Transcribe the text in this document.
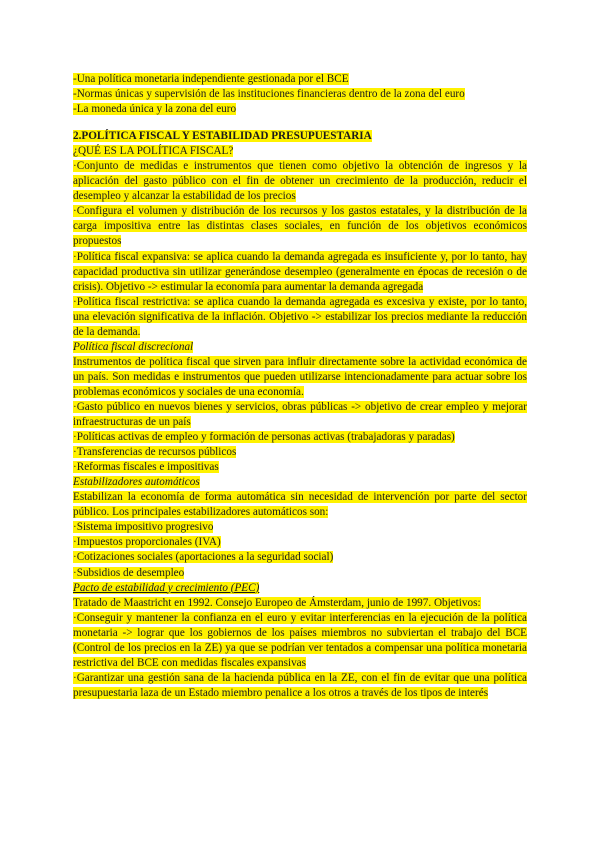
-Una política monetaria independiente gestionada por el BCE
-Normas únicas y supervisión de las instituciones financieras dentro de la zona del euro
-La moneda única y la zona del euro
2.POLÍTICA FISCAL Y ESTABILIDAD PRESUPUESTARIA
¿QUÉ ES LA POLÍTICA FISCAL?
·Conjunto de medidas e instrumentos que tienen como objetivo la obtención de ingresos y la aplicación del gasto público con el fin de obtener un crecimiento de la producción, reducir el desempleo y alcanzar la estabilidad de los precios
·Configura el volumen y distribución de los recursos y los gastos estatales, y la distribución de la carga impositiva entre las distintas clases sociales, en función de los objetivos económicos propuestos
·Política fiscal expansiva: se aplica cuando la demanda agregada es insuficiente y, por lo tanto, hay capacidad productiva sin utilizar generándose desempleo (generalmente en épocas de recesión o de crisis). Objetivo -> estimular la economía para aumentar la demanda agregada
·Política fiscal restrictiva: se aplica cuando la demanda agregada es excesiva y existe, por lo tanto, una elevación significativa de la inflación. Objetivo -> estabilizar los precios mediante la reducción de la demanda.
Política fiscal discrecional
Instrumentos de política fiscal que sirven para influir directamente sobre la actividad económica de un país. Son medidas e instrumentos que pueden utilizarse intencionadamente para actuar sobre los problemas económicos y sociales de una economía.
·Gasto público en nuevos bienes y servicios, obras públicas -> objetivo de crear empleo y mejorar infraestructuras de un país
·Políticas activas de empleo y formación de personas activas (trabajadoras y paradas)
·Transferencias de recursos públicos
·Reformas fiscales e impositivas
Estabilizadores automáticos
Estabilizan la economía de forma automática sin necesidad de intervención por parte del sector público. Los principales estabilizadores automáticos son:
·Sistema impositivo progresivo
·Impuestos proporcionales (IVA)
·Cotizaciones sociales (aportaciones a la seguridad social)
·Subsidios de desempleo
Pacto de estabilidad y crecimiento (PEC)
Tratado de Maastricht en 1992. Consejo Europeo de Ámsterdam, junio de 1997. Objetivos:
·Conseguir y mantener la confianza en el euro y evitar interferencias en la ejecución de la política monetaria -> lograr que los gobiernos de los países miembros no subviertan el trabajo del BCE (Control de los precios en la ZE) ya que se podrían ver tentados a compensar una política monetaria restrictiva del BCE con medidas fiscales expansivas
·Garantizar una gestión sana de la hacienda pública en la ZE, con el fin de evitar que una política presupuestaria laza de un Estado miembro penalice a los otros a través de los tipos de interés
